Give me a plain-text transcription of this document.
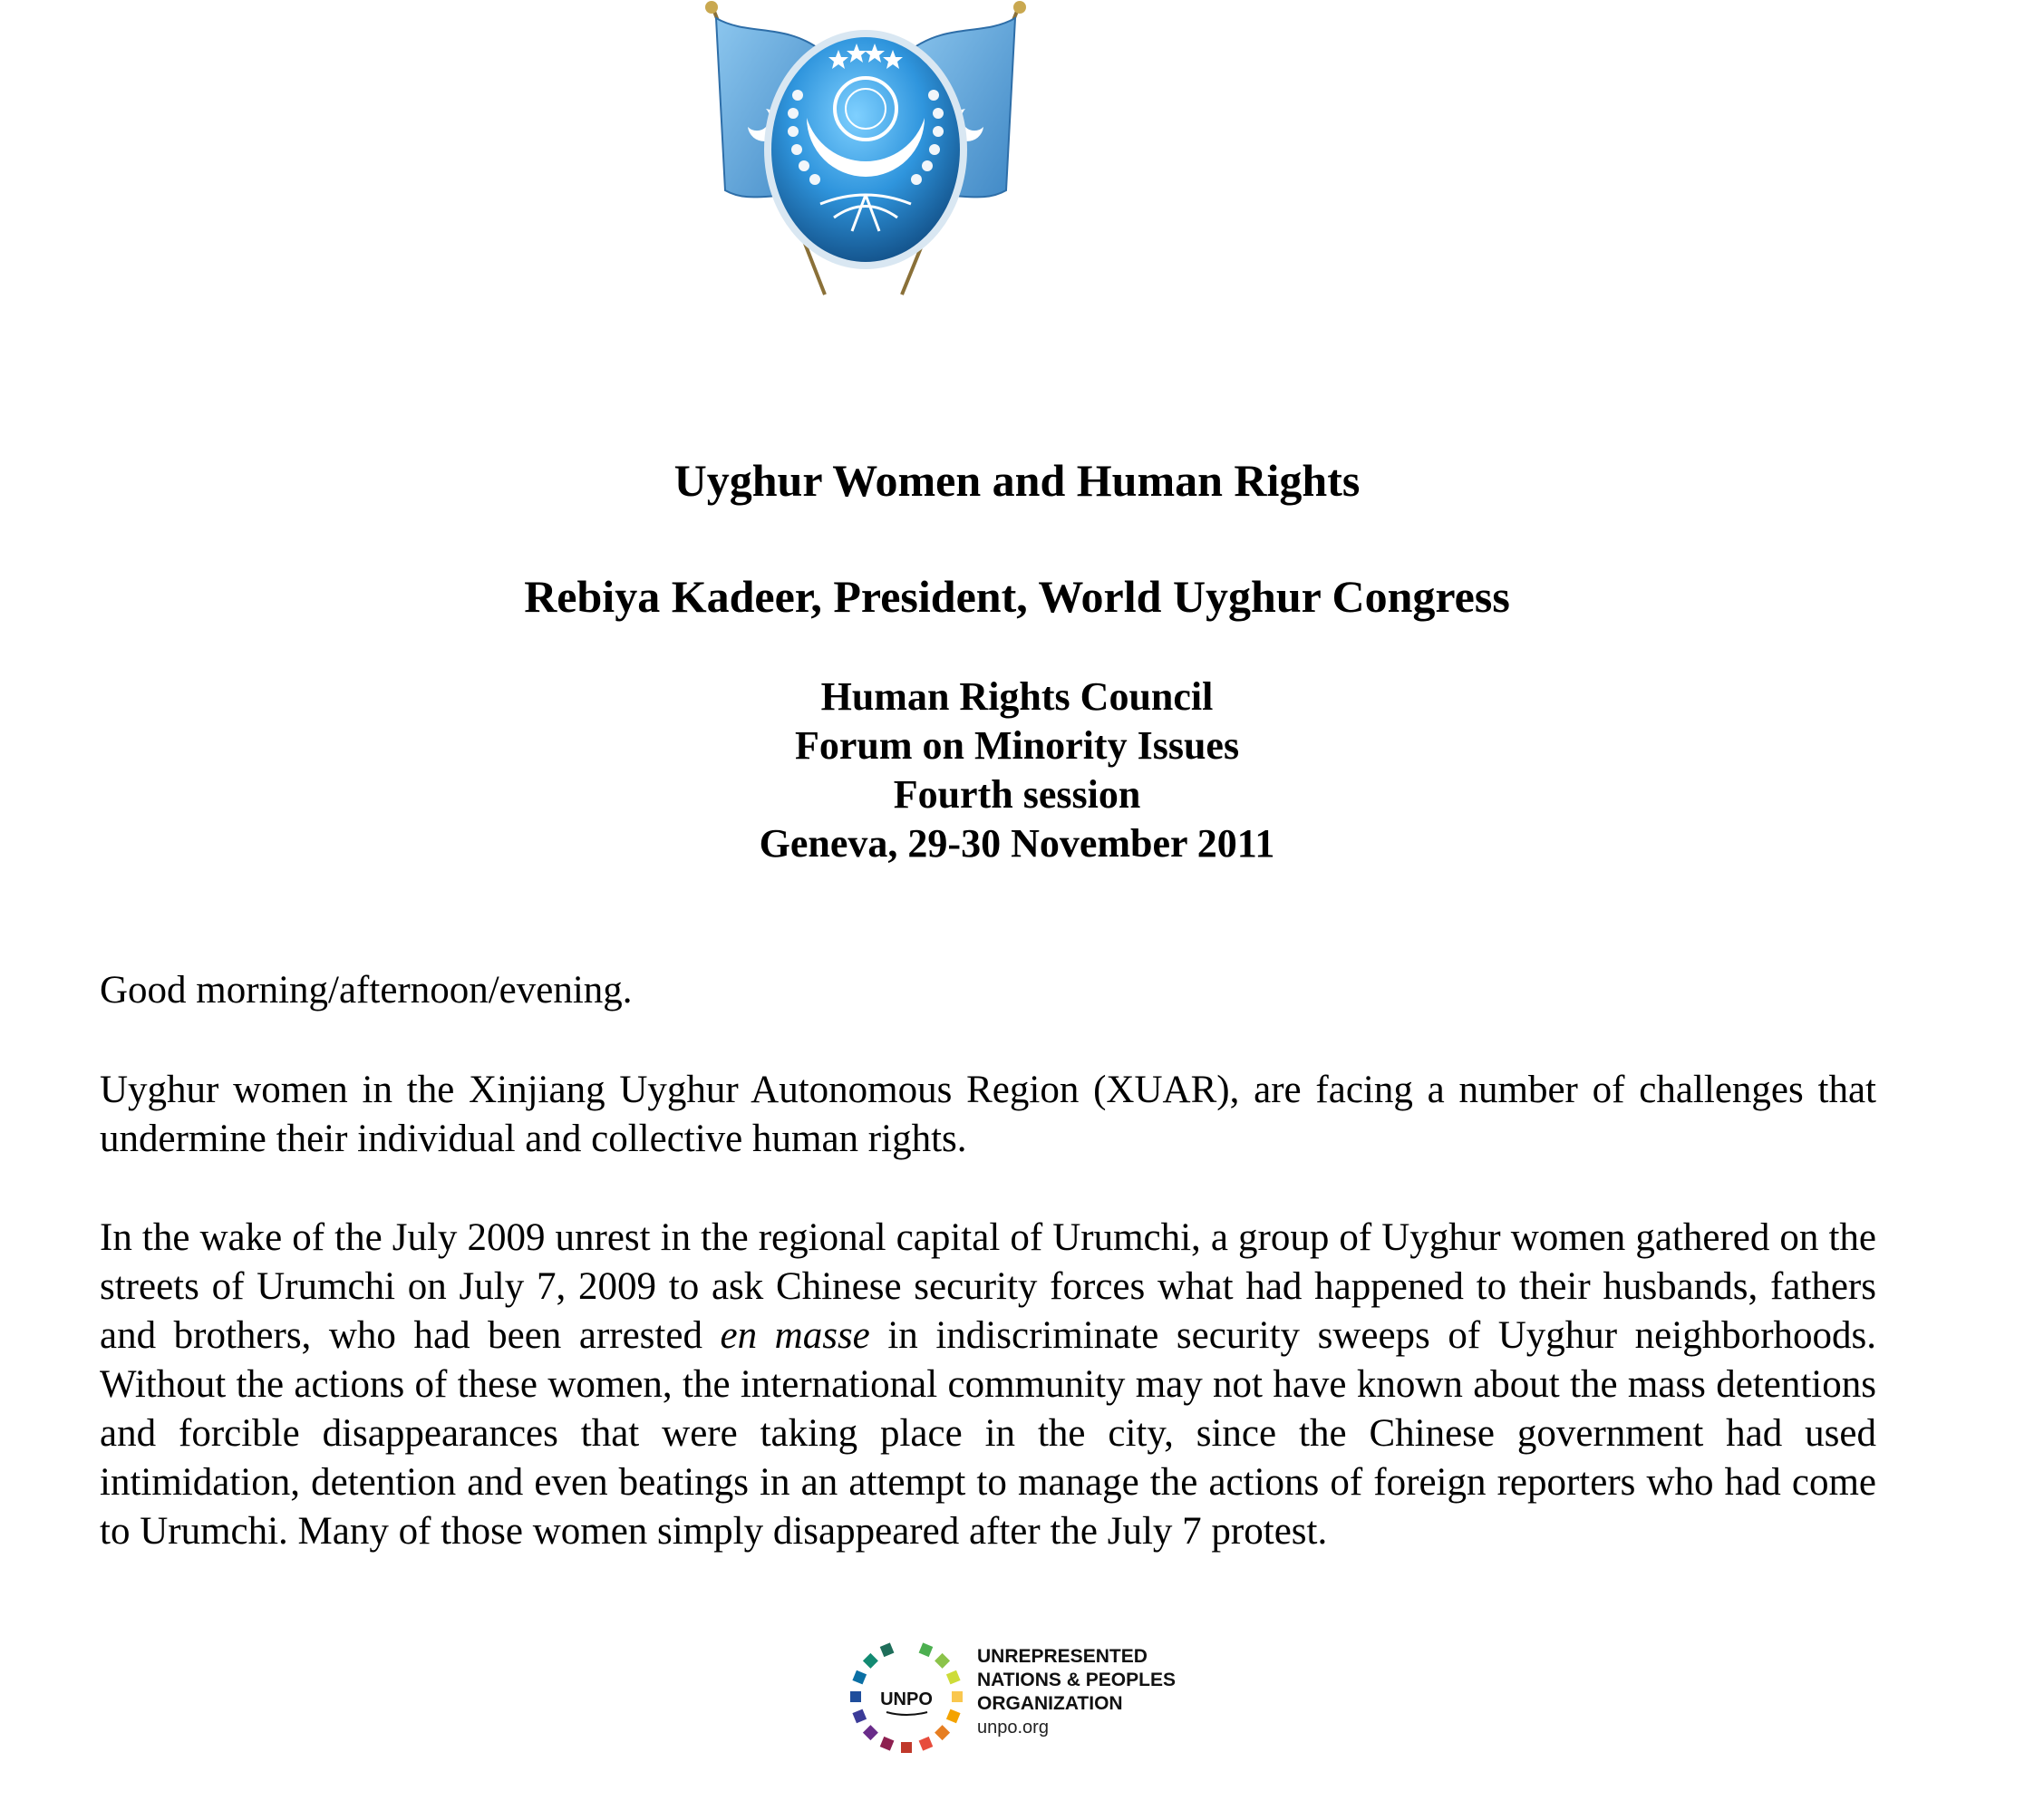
Uyghur Women and Human Rights
Rebiya Kadeer, President, World Uyghur Congress
Human Rights Council
Forum on Minority Issues
Fourth session
Geneva, 29-30 November 2011

Good morning/afternoon/evening.

Uyghur women in the Xinjiang Uyghur Autonomous Region (XUAR), are facing a number of challenges that undermine their individual and collective human rights.

In the wake of the July 2009 unrest in the regional capital of Urumchi, a group of Uyghur women gathered on the streets of Urumchi on July 7, 2009 to ask Chinese security forces what had happened to their husbands, fathers and brothers, who had been arrested en masse in indiscriminate security sweeps of Uyghur neighborhoods. Without the actions of these women, the international community may not have known about the mass detentions and forcible disappearances that were taking place in the city, since the Chinese government had used intimidation, detention and even beatings in an attempt to manage the actions of foreign reporters who had come to Urumchi. Many of those women simply disappeared after the July 7 protest.

UNPO
UNREPRESENTED
NATIONS & PEOPLES
ORGANIZATION
unpo.org
